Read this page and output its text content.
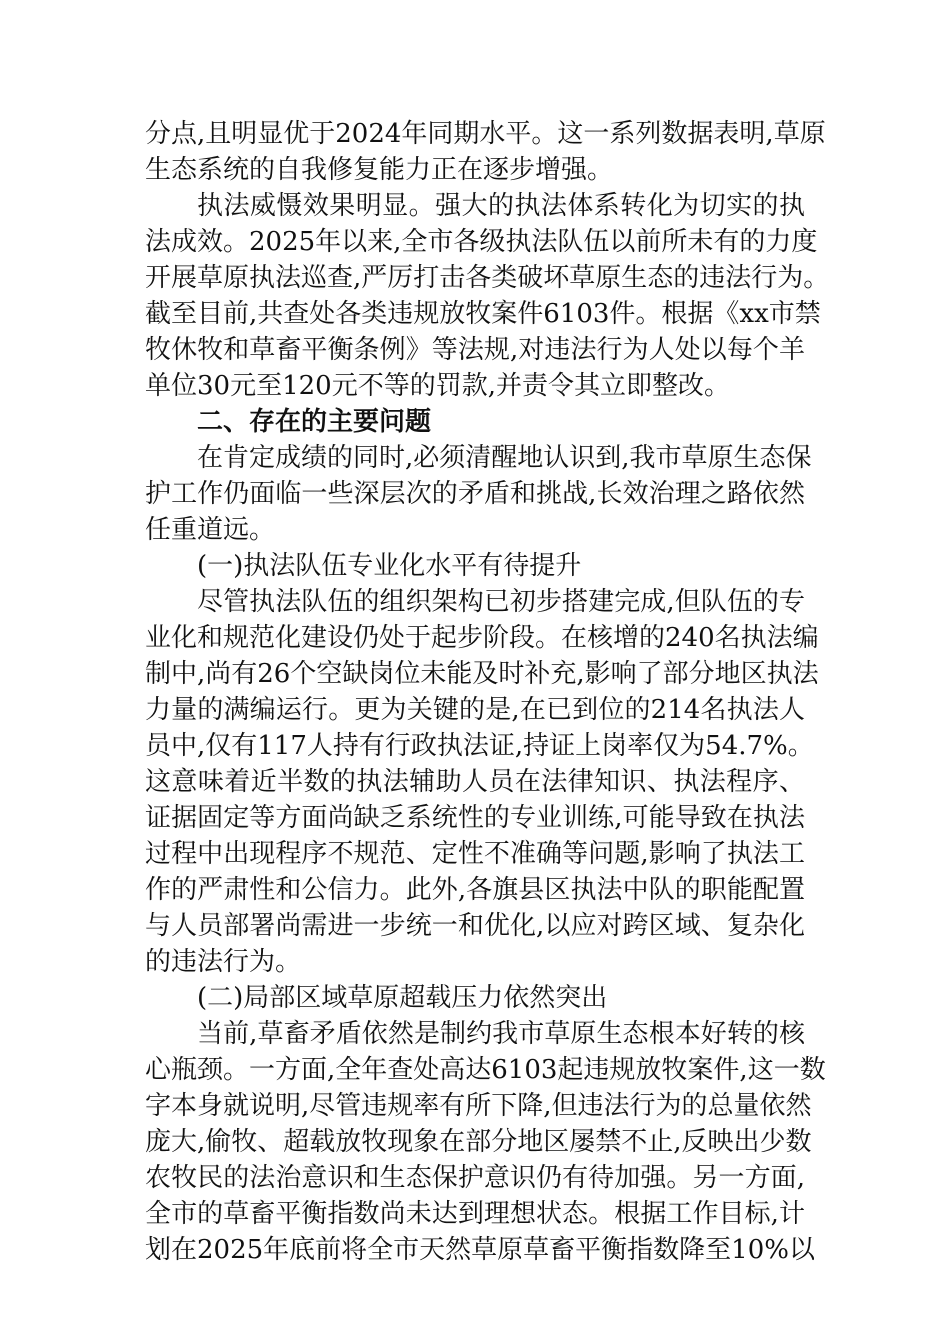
分点,且明显优于2024年同期水平。这一系列数据表明,草原
生态系统的自我修复能力正在逐步增强。
执法威慑效果明显。强大的执法体系转化为切实的执
法成效。2025年以来,全市各级执法队伍以前所未有的力度
开展草原执法巡查,严厉打击各类破坏草原生态的违法行为。
截至目前,共查处各类违规放牧案件6103件。根据《xx市禁
牧休牧和草畜平衡条例》等法规,对违法行为人处以每个羊
单位30元至120元不等的罚款,并责令其立即整改。
二、存在的主要问题
在肯定成绩的同时,必须清醒地认识到,我市草原生态保
护工作仍面临一些深层次的矛盾和挑战,长效治理之路依然
任重道远。
(一)执法队伍专业化水平有待提升
尽管执法队伍的组织架构已初步搭建完成,但队伍的专
业化和规范化建设仍处于起步阶段。在核增的240名执法编
制中,尚有26个空缺岗位未能及时补充,影响了部分地区执法
力量的满编运行。更为关键的是,在已到位的214名执法人
员中,仅有117人持有行政执法证,持证上岗率仅为54.7%。
这意味着近半数的执法辅助人员在法律知识、执法程序、
证据固定等方面尚缺乏系统性的专业训练,可能导致在执法
过程中出现程序不规范、定性不准确等问题,影响了执法工
作的严肃性和公信力。此外,各旗县区执法中队的职能配置
与人员部署尚需进一步统一和优化,以应对跨区域、复杂化
的违法行为。
(二)局部区域草原超载压力依然突出
当前,草畜矛盾依然是制约我市草原生态根本好转的核
心瓶颈。一方面,全年查处高达6103起违规放牧案件,这一数
字本身就说明,尽管违规率有所下降,但违法行为的总量依然
庞大,偷牧、超载放牧现象在部分地区屡禁不止,反映出少数
农牧民的法治意识和生态保护意识仍有待加强。另一方面,
全市的草畜平衡指数尚未达到理想状态。根据工作目标,计
划在2025年底前将全市天然草原草畜平衡指数降至10%以
